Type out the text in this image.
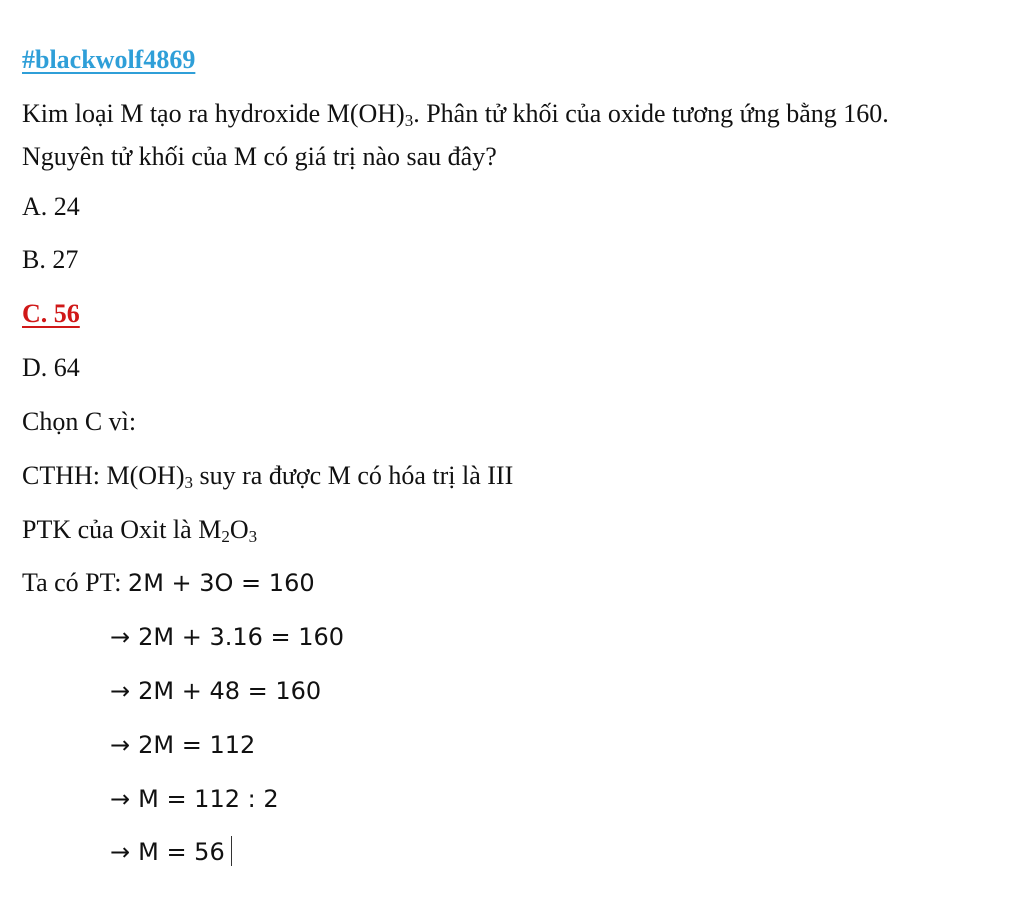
#blackwolf4869
Kim loại M tạo ra hydroxide $M(OH)_3$. Phân tử khối của oxide tương ứng bằng 160.
Nguyên tử khối của M có giá trị nào sau đây?
A. 24
B. 27
C. 56
D. 64
Chọn C vì:
CTHH: $M(OH)_3$ suy ra được M có hóa trị là III
PTK của Oxit là $M_2O_3$
Ta có PT: 2M + 3O = 160
→ 2M + 3.16 = 160
→ 2M + 48 = 160
→ 2M = 112
→ M = 112 : 2
→ M = 56
